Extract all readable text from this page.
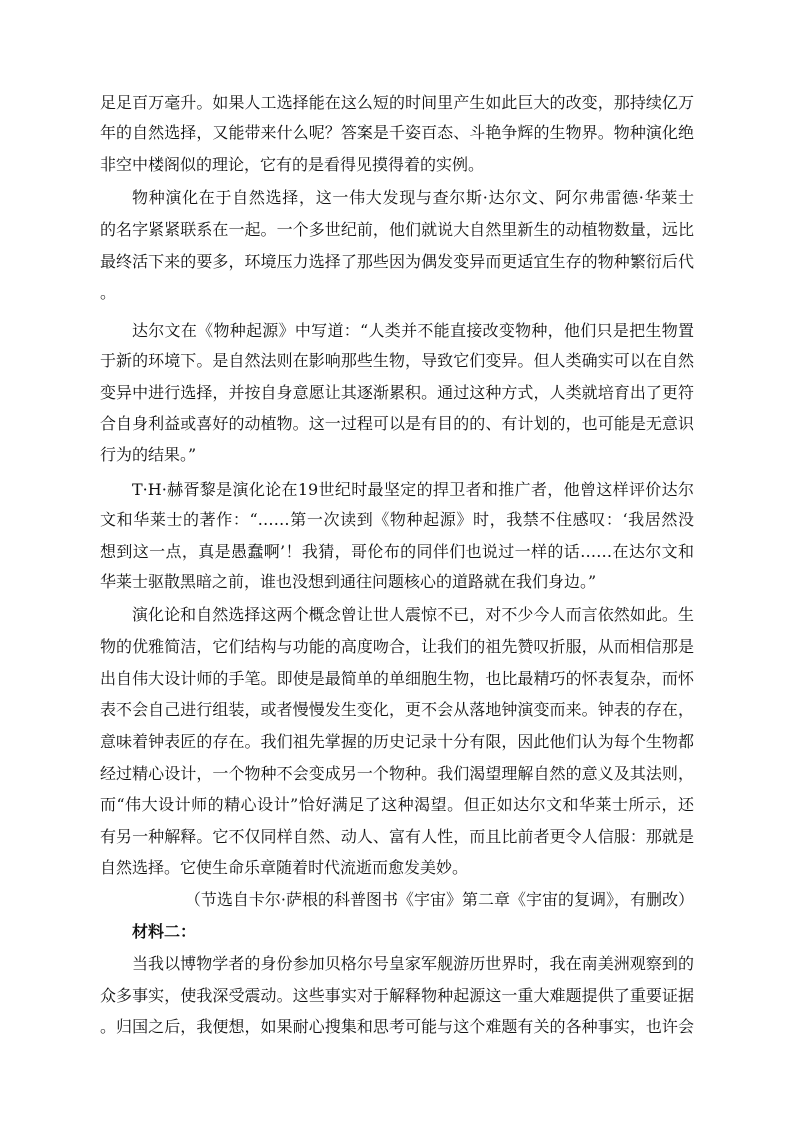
足足百万毫升。如果人工选择能在这么短的时间里产生如此巨大的改变，那持续亿万
年的自然选择，又能带来什么呢？答案是千姿百态、斗艳争辉的生物界。物种演化绝
非空中楼阁似的理论，它有的是看得见摸得着的实例。
物种演化在于自然选择，这一伟大发现与查尔斯·达尔文、阿尔弗雷德·华莱士
的名字紧紧联系在一起。一个多世纪前，他们就说大自然里新生的动植物数量，远比
最终活下来的要多，环境压力选择了那些因为偶发变异而更适宜生存的物种繁衍后代
。
达尔文在《物种起源》中写道：“人类并不能直接改变物种，他们只是把生物置
于新的环境下。是自然法则在影响那些生物，导致它们变异。但人类确实可以在自然
变异中进行选择，并按自身意愿让其逐渐累积。通过这种方式，人类就培育出了更符
合自身利益或喜好的动植物。这一过程可以是有目的的、有计划的，也可能是无意识
行为的结果。”
T·H·赫胥黎是演化论在19世纪时最坚定的捍卫者和推广者，他曾这样评价达尔
文和华莱士的著作：“……第一次读到《物种起源》时，我禁不住感叹：‘我居然没
想到这一点，真是愚蠢啊’！我猜，哥伦布的同伴们也说过一样的话……在达尔文和
华莱士驱散黑暗之前，谁也没想到通往问题核心的道路就在我们身边。”
演化论和自然选择这两个概念曾让世人震惊不已，对不少今人而言依然如此。生
物的优雅简洁，它们结构与功能的高度吻合，让我们的祖先赞叹折服，从而相信那是
出自伟大设计师的手笔。即使是最简单的单细胞生物，也比最精巧的怀表复杂，而怀
表不会自己进行组装，或者慢慢发生变化，更不会从落地钟演变而来。钟表的存在，
意味着钟表匠的存在。我们祖先掌握的历史记录十分有限，因此他们认为每个生物都
经过精心设计，一个物种不会变成另一个物种。我们渴望理解自然的意义及其法则，
而“伟大设计师的精心设计”恰好满足了这种渴望。但正如达尔文和华莱士所示，还
有另一种解释。它不仅同样自然、动人、富有人性，而且比前者更令人信服：那就是
自然选择。它使生命乐章随着时代流逝而愈发美妙。
（节选自卡尔·萨根的科普图书《宇宙》第二章《宇宙的复调》，有删改）
材料二：
当我以博物学者的身份参加贝格尔号皇家军舰游历世界时，我在南美洲观察到的
众多事实，使我深受震动。这些事实对于解释物种起源这一重大难题提供了重要证据
。归国之后，我便想，如果耐心搜集和思考可能与这个难题有关的各种事实，也许会
